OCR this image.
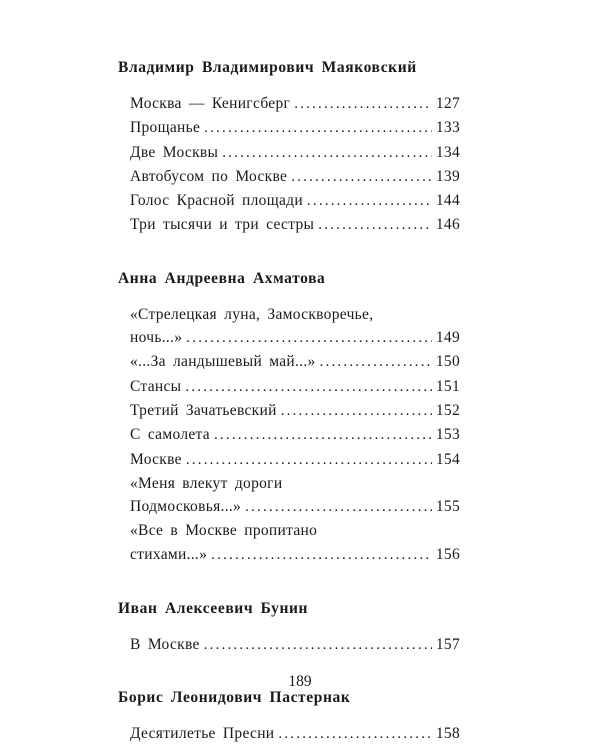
Владимир Владимирович Маяковский
Москва — Кенигсберг .....	127
Прощанье .....	133
Две Москвы .....	134
Автобусом по Москве .....	139
Голос Красной площади .....	144
Три тысячи и три сестры .....	146
Анна Андреевна Ахматова
«Стрелецкая луна, Замоскворечье,
ночь...» .....	149
«...За ландышевый май...» .....	150
Стансы .....	151
Третий Зачатьевский .....	152
С самолета .....	153
Москве .....	154
«Меня влекут дороги
Подмосковья...» .....	155
«Все в Москве пропитано
стихами...» .....	156
Иван Алексеевич Бунин
В Москве .....	157
Борис Леонидович Пастернак
Десятилетье Пресни .....	158
189
